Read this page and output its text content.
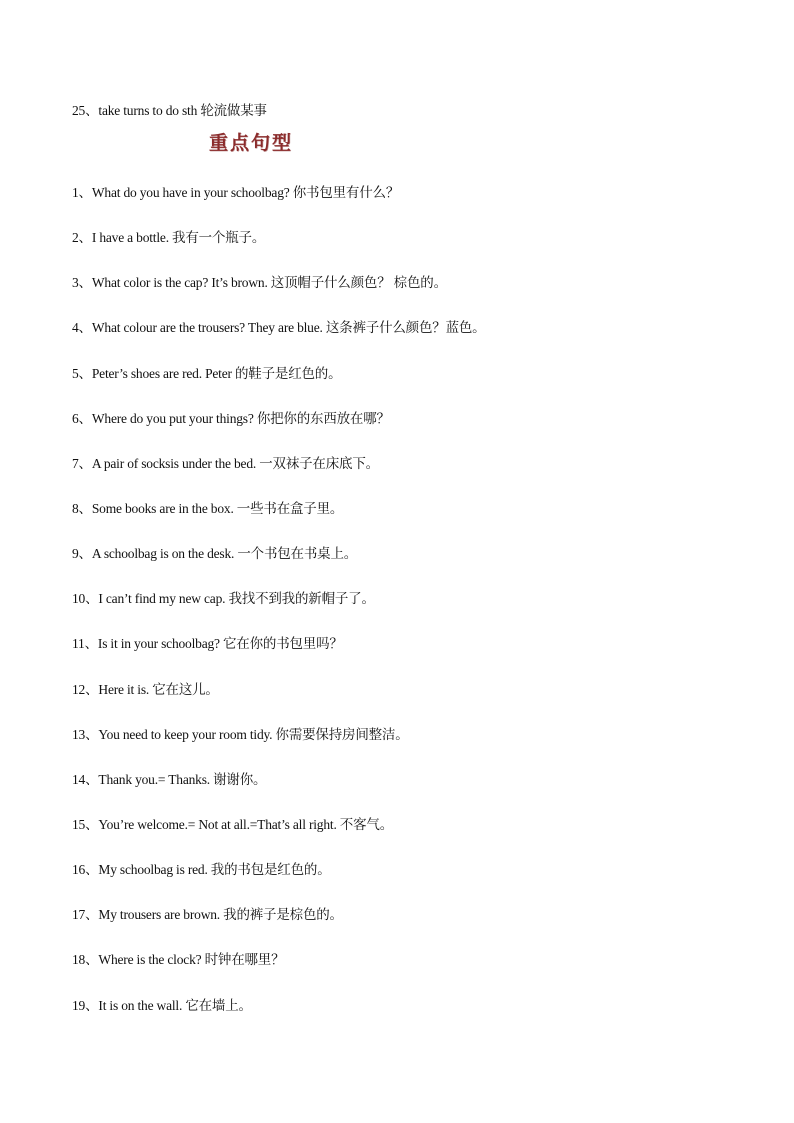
25、take turns to do sth 轮流做某事
重点句型
1、What do you have in your schoolbag? 你书包里有什么？
2、I have a bottle. 我有一个瓶子。
3、What color is the cap? It’s brown. 这顶帽子什么颜色？ 棕色的。
4、What colour are the trousers? They are blue. 这条裤子什么颜色？蓝色。
5、Peter’s shoes are red. Peter 的鞋子是红色的。
6、Where do you put your things? 你把你的东西放在哪？
7、A pair of socksis under the bed. 一双袜子在床底下。
8、Some books are in the box. 一些书在盒子里。
9、A schoolbag is on the desk. 一个书包在书桌上。
10、I can’t find my new cap. 我找不到我的新帽子了。
11、Is it in your schoolbag? 它在你的书包里吗？
12、Here it is. 它在这儿。
13、You need to keep your room tidy. 你需要保持房间整洁。
14、Thank you.= Thanks. 谢谢你。
15、You’re welcome.= Not at all.=That’s all right. 不客气。
16、My schoolbag is red. 我的书包是红色的。
17、My trousers are brown. 我的裤子是棕色的。
18、Where is the clock? 时钟在哪里？
19、It is on the wall. 它在墙上。
